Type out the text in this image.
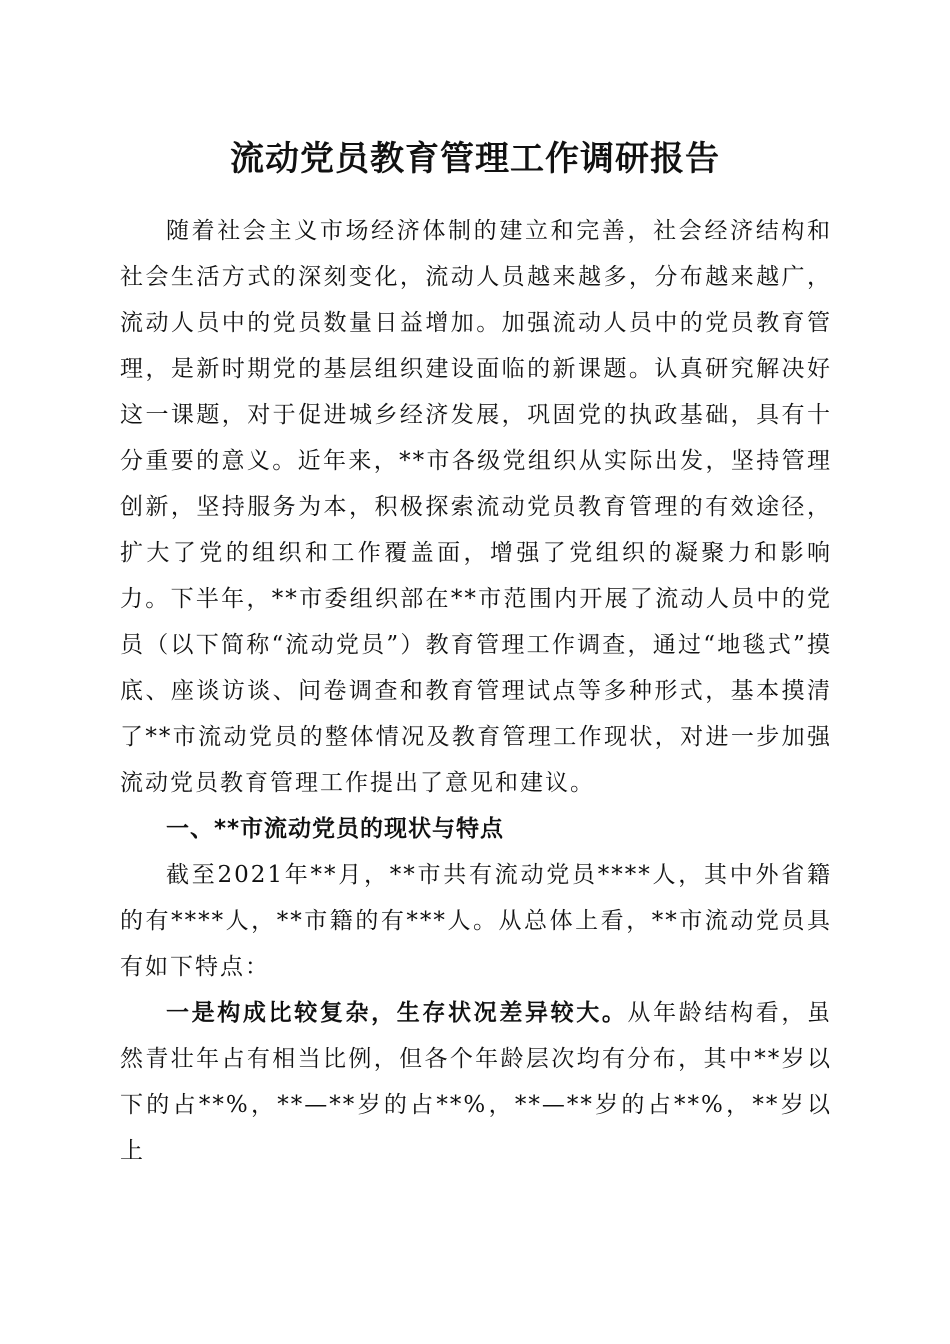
流动党员教育管理工作调研报告

随着社会主义市场经济体制的建立和完善，社会经济结构和社会生活方式的深刻变化，流动人员越来越多，分布越来越广，流动人员中的党员数量日益增加。加强流动人员中的党员教育管理，是新时期党的基层组织建设面临的新课题。认真研究解决好这一课题，对于促进城乡经济发展，巩固党的执政基础，具有十分重要的意义。近年来，**市各级党组织从实际出发，坚持管理创新，坚持服务为本，积极探索流动党员教育管理的有效途径，扩大了党的组织和工作覆盖面，增强了党组织的凝聚力和影响力。下半年，**市委组织部在**市范围内开展了流动人员中的党员（以下简称“流动党员”）教育管理工作调查，通过“地毯式”摸底、座谈访谈、问卷调查和教育管理试点等多种形式，基本摸清了**市流动党员的整体情况及教育管理工作现状，对进一步加强流动党员教育管理工作提出了意见和建议。

一、**市流动党员的现状与特点

截至2021年**月，**市共有流动党员****人，其中外省籍的有****人，**市籍的有***人。从总体上看，**市流动党员具有如下特点：

一是构成比较复杂，生存状况差异较大。从年龄结构看，虽然青壮年占有相当比例，但各个年龄层次均有分布，其中**岁以下的占**%，**—**岁的占**%，**—**岁的占**%，**岁以上
